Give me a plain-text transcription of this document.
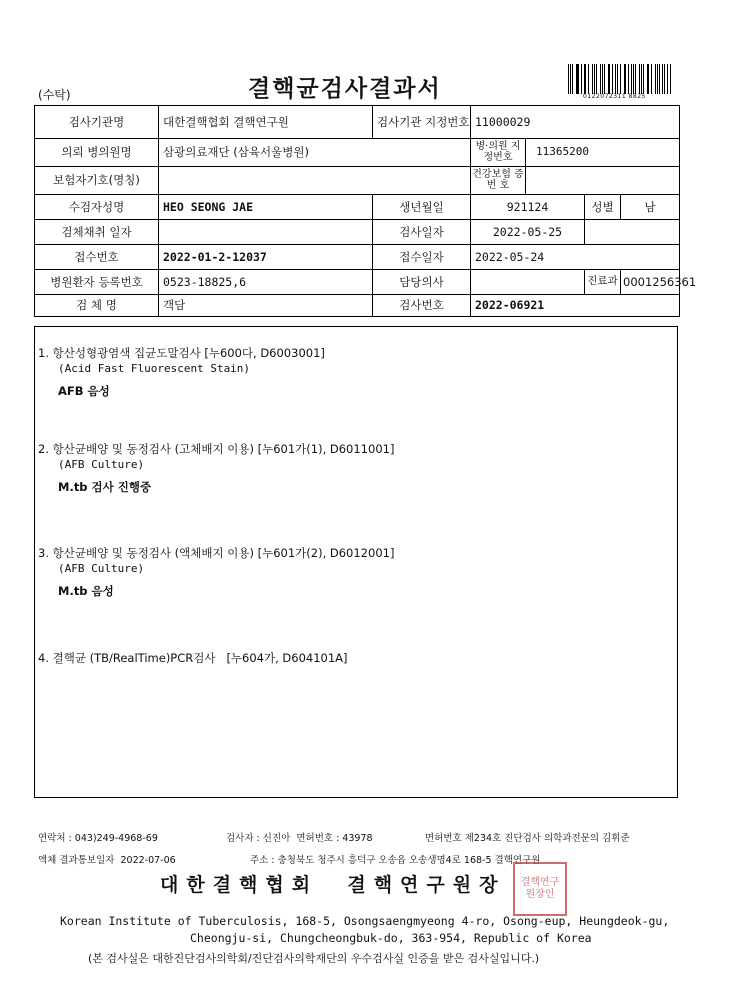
(수탁)	결핵균검사결과서	0122072311 8825
검사기관명	대한결핵협회 결핵연구원	검사기관 지정번호	11000029		
의뢰 병의원명	삼광의료재단 (삼육서울병원)		병·의원 지정번호 11365200		

보험자기호(명칭)			건강보험 증 번 호		

수검자성명	HEO SEONG JAE	생년월일	921124	성별	남
검체채취 일자		검사일자	2022-05-25		
접수번호	2022-01-2-12037	접수일자	2022-05-24		
병원환자 등록번호	0523-18825,6	담당의사		진료과	0001256361
검 체 명	객담	검사번호	2022-06921		
1. 항산성형광염색 집균도말검사 [누600다, D6003001]
(Acid Fast Fluorescent Stain)
AFB 음성
2. 항산균배양 및 동정검사 (고체배지 이용) [누601가(1), D6011001]
(AFB Culture)
M.tb 검사 진행중
3. 항산균배양 및 동정검사 (액체배지 이용) [누601가(2), D6012001]
(AFB Culture)
M.tb 음성
4. 결핵균 (TB/RealTime)PCR검사   [누604가, D604101A]
연락처 : 043)249-4968-69	검사자 : 신진아  면허번호 : 43978	면허번호 제234호 진단검사 의학과전문의 김휘준
액체 결과통보일자  2022-07-06	주소 : 충청북도 청주시 흥덕구 오송읍 오송생명4로 168-5 결핵연구원
대한결핵협회  결핵연구원장	결핵연구원장인
Korean Institute of Tuberculosis, 168-5, Osongsaengmyeong 4-ro, Osong-eup, Heungdeok-gu,
Cheongju-si, Chungcheongbuk-do, 363-954, Republic of Korea
(본 검사실은 대한진단검사의학회/진단검사의학재단의 우수검사실 인증을 받은 검사실입니다.)
